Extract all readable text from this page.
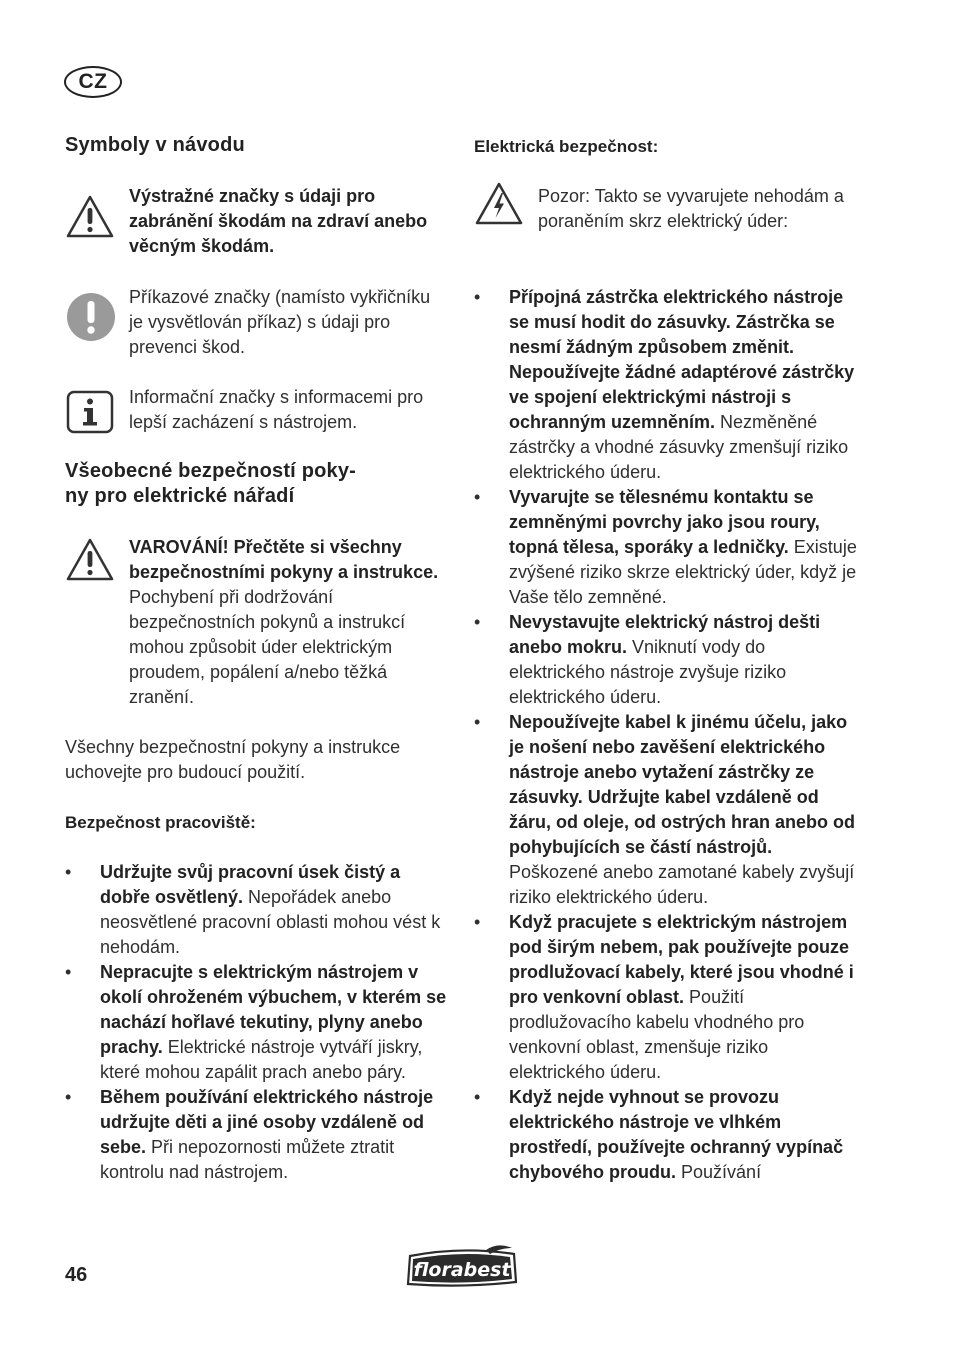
CZ
Symboly v návodu
Výstražné značky s údaji pro zabránění škodám na zdraví anebo věcným škodám.
Příkazové značky (namísto vykřičníku je vysvětlován příkaz) s údaji pro prevenci škod.
Informační značky s informacemi pro lepší zacházení s nástrojem.
Všeobecné bezpečností poky-
ny pro elektrické nářadí
VAROVÁNÍ! Přečtěte si všechny bezpečnostními pokyny a instrukce. Pochybení při dodržování bezpečnostních pokynů a instrukcí mohou způsobit úder elektrickým proudem, popálení a/nebo těžká zranění.
Všechny bezpečnostní pokyny a instrukce uchovejte pro budoucí použití.
Bezpečnost pracoviště:
• Udržujte svůj pracovní úsek čistý a dobře osvětlený. Nepořádek anebo neosvětlené pracovní oblasti mohou vést k nehodám.
• Nepracujte s elektrickým nástrojem v okolí ohroženém výbuchem, v kterém se nachází hořlavé tekutiny, plyny anebo prachy. Elektrické nástroje vytváří jiskry, které mohou zapálit prach anebo páry.
• Během používání elektrického nástroje udržujte děti a jiné osoby vzdáleně od sebe. Při nepozornosti můžete ztratit kontrolu nad nástrojem.
Elektrická bezpečnost:
Pozor: Takto se vyvarujete nehodám a poraněním skrz elektrický úder:
• Přípojná zástrčka elektrického nástroje se musí hodit do zásuvky. Zástrčka se nesmí žádným způsobem změnit. Nepoužívejte žádné adaptérové zástrčky ve spojení elektrickými nástroji s ochranným uzemněním. Nezměněné zástrčky a vhodné zásuvky zmenšují riziko elektrického úderu.
• Vyvarujte se tělesnému kontaktu se zemněnými povrchy jako jsou roury, topná tělesa, sporáky a ledničky. Existuje zvýšené riziko skrze elektrický úder, když je Vaše tělo zemněné.
• Nevystavujte elektrický nástroj dešti anebo mokru. Vniknutí vody do elektrického nástroje zvyšuje riziko elektrického úderu.
• Nepoužívejte kabel k jinému účelu, jako je nošení nebo zavěšení elektrického nástroje anebo vytažení zástrčky ze zásuvky. Udržujte kabel vzdáleně od žáru, od oleje, od ostrých hran anebo od pohybujících se částí nástrojů.
Poškozené anebo zamotané kabely zvyšují riziko elektrického úderu.
• Když pracujete s elektrickým nástrojem pod širým nebem, pak používejte pouze prodlužovací kabely, které jsou vhodné i pro venkovní oblast. Použití prodlužovacího kabelu vhodného pro venkovní oblast, zmenšuje riziko elektrického úderu.
• Když nejde vyhnout se provozu elektrického nástroje ve vlhkém prostředí, používejte ochranný vypínač chybového proudu. Používání
46	florabest
